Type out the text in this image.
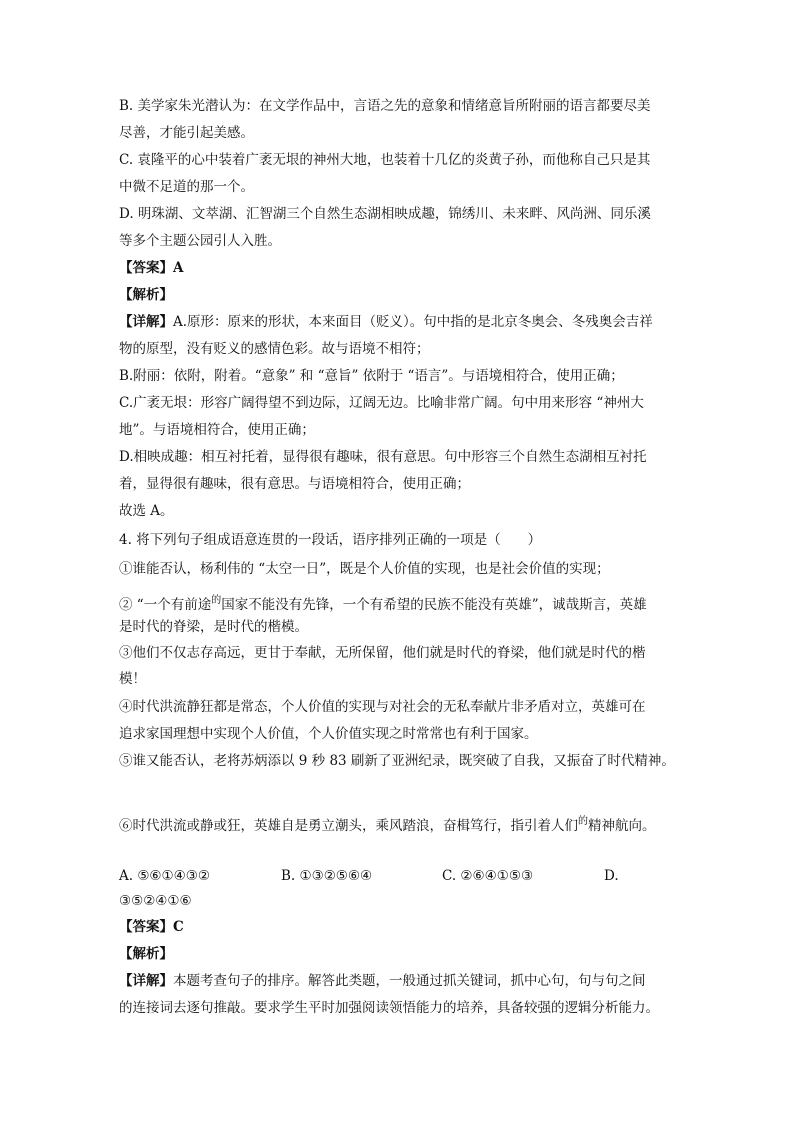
B. 美学家朱光潜认为：在文学作品中，言语之先的意象和情绪意旨所附丽的语言都要尽美
尽善，才能引起美感。
C. 袁隆平的心中装着广袤无垠的神州大地，也装着十几亿的炎黄子孙，而他称自己只是其
中微不足道的那一个。
D. 明珠湖、文萃湖、汇智湖三个自然生态湖相映成趣，锦绣川、未来畔、风尚洲、同乐溪
等多个主题公园引人入胜。
【答案】A
【解析】
【详解】A.原形：原来的形状，本来面目（贬义）。句中指的是北京冬奥会、冬残奥会吉祥
物的原型，没有贬义的感情色彩。故与语境不相符；
B.附丽：依附，附着。“意象” 和 “意旨” 依附于 “语言”。与语境相符合，使用正确；
C.广袤无垠：形容广阔得望不到边际，辽阔无边。比喻非常广阔。句中用来形容 “神州大
地”。与语境相符合，使用正确；
D.相映成趣：相互衬托着，显得很有趣味，很有意思。句中形容三个自然生态湖相互衬托
着，显得很有趣味，很有意思。与语境相符合，使用正确；
故选 A。
4. 将下列句子组成语意连贯的一段话，语序排列正确的一项是（　　）
①谁能否认，杨利伟的 “太空一日”，既是个人价值的实现，也是社会价值的实现；
② “一个有前途$^的$国家不能没有先锋，一个有希望的民族不能没有英雄”，诚哉斯言，英雄
是时代的脊梁，是时代的楷模。
③他们不仅志存高远，更甘于奉献，无所保留，他们就是时代的脊梁，他们就是时代的楷
模！
④时代洪流静狂都是常态，个人价值的实现与对社会的无私奉献片非矛盾对立，英雄可在
追求家国理想中实现个人价值，个人价值实现之时常常也有利于国家。
⑤谁又能否认，老将苏炳添以 9 秒 83 刷新了亚洲纪录，既突破了自我，又振奋了时代精神。
⑥时代洪流或静或狂，英雄自是勇立潮头，乘风踏浪，奋楫笃行，指引着人们$^的$精神航向。
A. ⑤⑥①④③②	B. ①③②⑤⑥④	C. ②⑥④①⑤③	D.
③⑤②④①⑥
【答案】C
【解析】
【详解】本题考查句子的排序。解答此类题，一般通过抓关键词，抓中心句，句与句之间
的连接词去逐句推敲。要求学生平时加强阅读领悟能力的培养，具备较强的逻辑分析能力。
